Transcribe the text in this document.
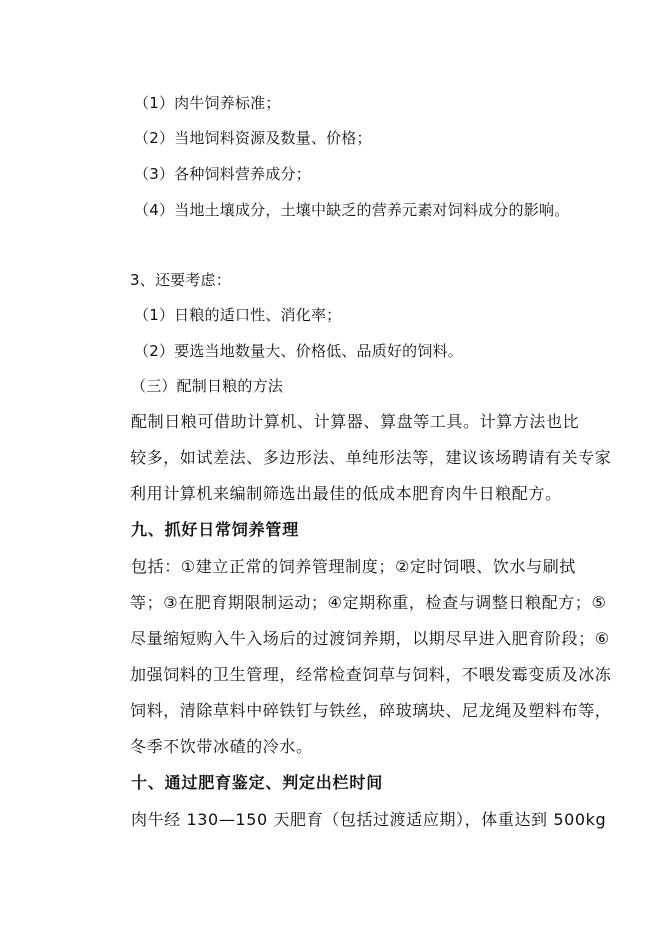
（1）肉牛饲养标准；
（2）当地饲料资源及数量、价格；
（3）各种饲料营养成分；
（4）当地土壤成分，土壤中缺乏的营养元素对饲料成分的影响。
3、还要考虑：
（1）日粮的适口性、消化率；
（2）要选当地数量大、价格低、品质好的饲料。
（三）配制日粮的方法
配制日粮可借助计算机、计算器、算盘等工具。计算方法也比
较多，如试差法、多边形法、单纯形法等，建议该场聘请有关专家
利用计算机来编制筛选出最佳的低成本肥育肉牛日粮配方。
九、抓好日常饲养管理
包括：①建立正常的饲养管理制度；②定时饲喂、饮水与刷拭
等；③在肥育期限制运动；④定期称重，检查与调整日粮配方；⑤
尽量缩短购入牛入场后的过渡饲养期，以期尽早进入肥育阶段；⑥
加强饲料的卫生管理，经常检查饲草与饲料，不喂发霉变质及冰冻
饲料，清除草料中碎铁钉与铁丝，碎玻璃块、尼龙绳及塑料布等，
冬季不饮带冰碴的冷水。
十、通过肥育鉴定、判定出栏时间
肉牛经 130—150 天肥育（包括过渡适应期），体重达到 500kg
